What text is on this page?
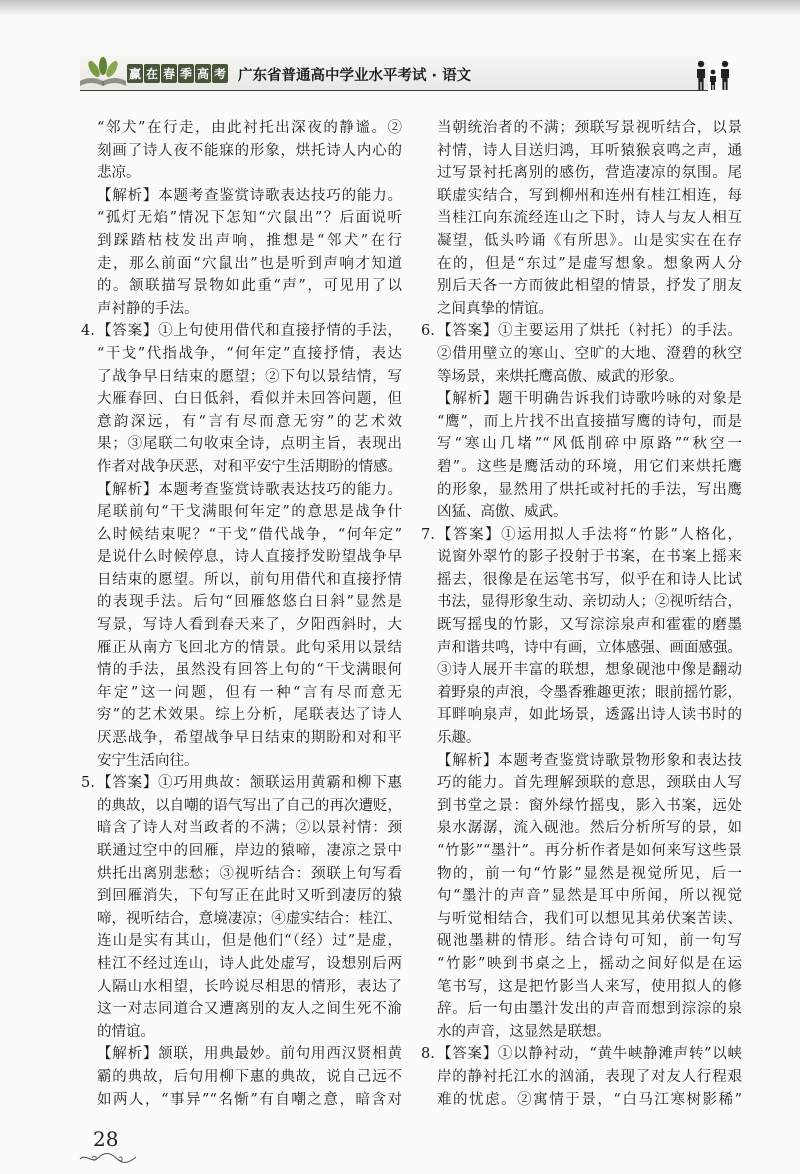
赢 在 春 季 高 考 广东省普通高中学业水平考试 · 语文
“邻犬”在行走，由此衬托出深夜的静谧。②
刻画了诗人夜不能寐的形象，烘托诗人内心的
悲凉。
【解析】本题考查鉴赏诗歌表达技巧的能力。
“孤灯无焰”情况下怎知“穴鼠出”？后面说听
到踩踏枯枝发出声响，推想是“邻犬”在行
走，那么前面“穴鼠出”也是听到声响才知道
的。颔联描写景物如此重“声”，可见用了以
声衬静的手法。
4. 【答案】①上句使用借代和直接抒情的手法，
“干戈”代指战争，“何年定”直接抒情，表达
了战争早日结束的愿望；②下句以景结情，写
大雁春回、白日低斜，看似并未回答问题，但
意韵深远，有“言有尽而意无穷”的艺术效
果；③尾联二句收束全诗，点明主旨，表现出
作者对战争厌恶，对和平安宁生活期盼的情感。
【解析】本题考查鉴赏诗歌表达技巧的能力。
尾联前句“干戈满眼何年定”的意思是战争什
么时候结束呢？“干戈”借代战争，“何年定”
是说什么时候停息，诗人直接抒发盼望战争早
日结束的愿望。所以，前句用借代和直接抒情
的表现手法。后句“回雁悠悠白日斜”显然是
写景，写诗人看到春天来了，夕阳西斜时，大
雁正从南方飞回北方的情景。此句采用以景结
情的手法，虽然没有回答上句的“干戈满眼何
年定”这一问题，但有一种“言有尽而意无
穷”的艺术效果。综上分析，尾联表达了诗人
厌恶战争，希望战争早日结束的期盼和对和平
安宁生活向往。
5. 【答案】①巧用典故：颔联运用黄霸和柳下惠
的典故，以自嘲的语气写出了自己的再次遭贬，
暗含了诗人对当政者的不满；②以景衬情：颈
联通过空中的回雁，岸边的猿啼，凄凉之景中
烘托出离别悲愁；③视听结合：颈联上句写看
到回雁消失，下句写正在此时又听到凄厉的猿
啼，视听结合，意境凄凉；④虚实结合：桂江、
连山是实有其山，但是他们“（经）过”是虚，
桂江不经过连山，诗人此处虚写，设想别后两
人隔山水相望，长吟说尽相思的情形，表达了
这一对志同道合又遭离别的友人之间生死不渝
的情谊。
【解析】颔联，用典最妙。前句用西汉贤相黄
霸的典故，后句用柳下惠的典故，说自己远不
如两人，“事异”“名惭”有自嘲之意，暗含对
当朝统治者的不满；颈联写景视听结合，以景
衬情，诗人目送归鸿，耳听猿猴哀鸣之声，通
过写景衬托离别的感伤，营造凄凉的氛围。尾
联虚实结合，写到柳州和连州有桂江相连，每
当桂江向东流经连山之下时，诗人与友人相互
凝望，低头吟诵《有所思》。山是实实在在存
在的，但是“东过”是虚写想象。想象两人分
别后天各一方而彼此相望的情景，抒发了朋友
之间真挚的情谊。
6. 【答案】①主要运用了烘托（衬托）的手法。
②借用壁立的寒山、空旷的大地、澄碧的秋空
等场景，来烘托鹰高傲、威武的形象。
【解析】题干明确告诉我们诗歌吟咏的对象是
“鹰”，而上片找不出直接描写鹰的诗句，而是
写“寒山几堵”“风低削碎中原路”“秋空一
碧”。这些是鹰活动的环境，用它们来烘托鹰
的形象，显然用了烘托或衬托的手法，写出鹰
凶猛、高傲、威武。
7. 【答案】①运用拟人手法将“竹影”人格化，
说窗外翠竹的影子投射于书案，在书案上摇来
摇去，很像是在运笔书写，似乎在和诗人比试
书法，显得形象生动、亲切动人；②视听结合，
既写摇曳的竹影，又写淙淙泉声和霍霍的磨墨
声和谐共鸣，诗中有画，立体感强、画面感强。
③诗人展开丰富的联想，想象砚池中像是翻动
着野泉的声浪，令墨香雅趣更浓；眼前摇竹影，
耳畔响泉声，如此场景，透露出诗人读书时的
乐趣。
【解析】本题考查鉴赏诗歌景物形象和表达技
巧的能力。首先理解颈联的意思，颈联由人写
到书堂之景：窗外绿竹摇曳，影入书案，远处
泉水潺潺，流入砚池。然后分析所写的景，如
“竹影”“墨汁”。再分析作者是如何来写这些景
物的，前一句“竹影”显然是视觉所见，后一
句“墨汁的声音”显然是耳中所闻，所以视觉
与听觉相结合，我们可以想见其弟伏案苦读、
砚池墨耕的情形。结合诗句可知，前一句写
“竹影”映到书桌之上，摇动之间好似是在运
笔书写，这是把竹影当人来写，使用拟人的修
辞。后一句由墨汁发出的声音而想到淙淙的泉
水的声音，这显然是联想。
8. 【答案】①以静衬动，“黄牛峡静滩声转”以峡
岸的静衬托江水的汹涌，表现了对友人行程艰
难的忧虑。②寓情于景，“白马江寒树影稀”
28
